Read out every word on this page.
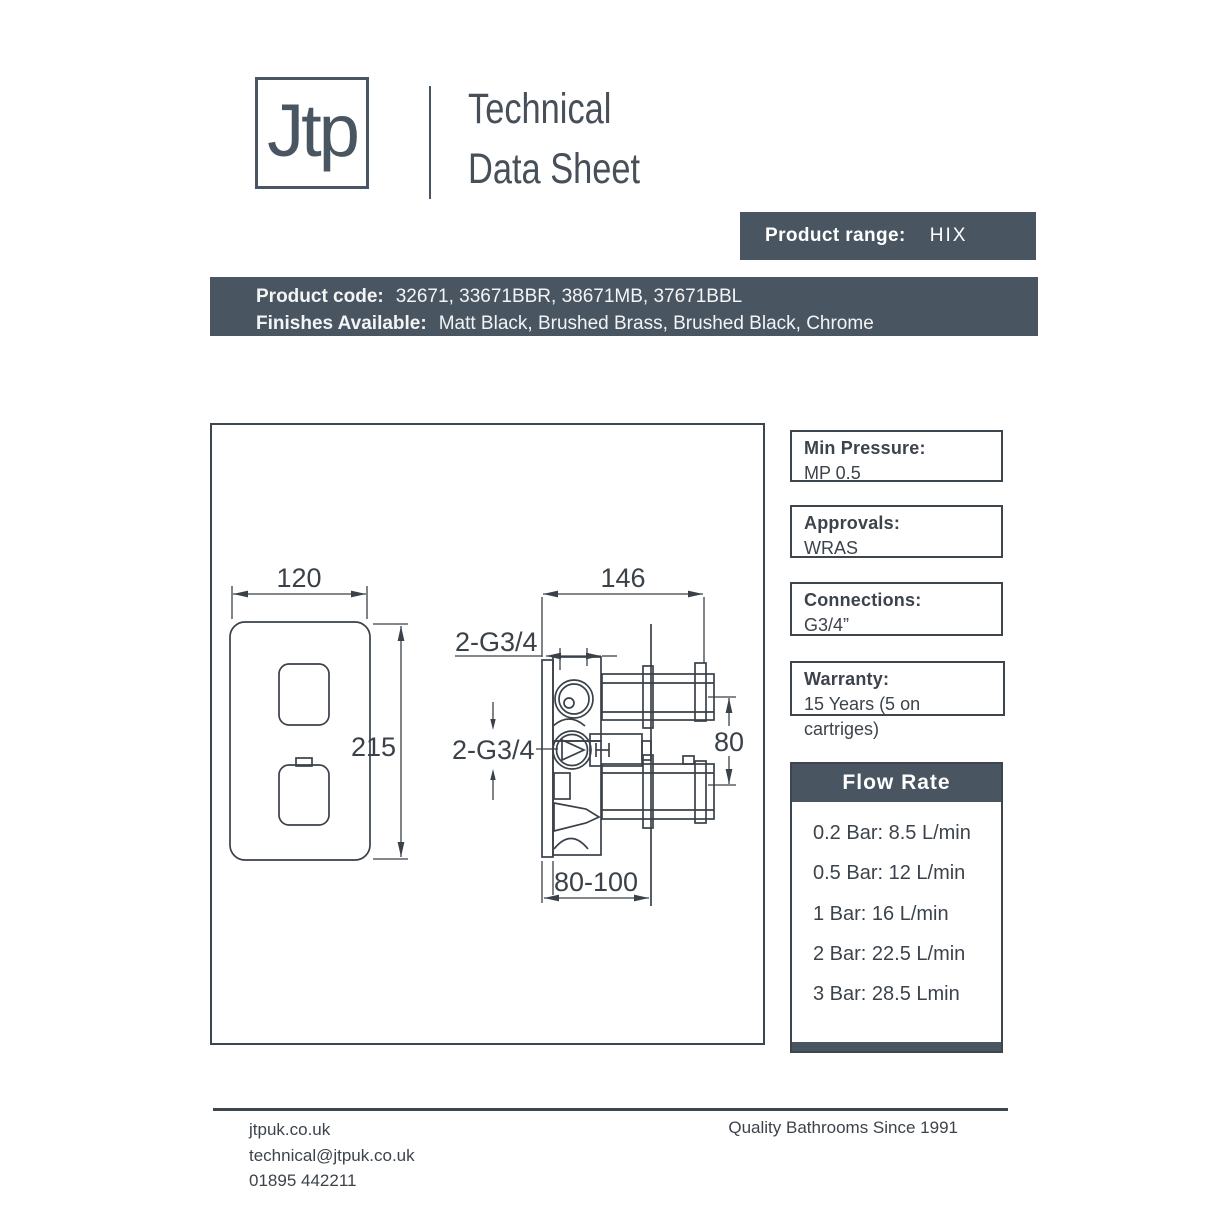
Jtp	Technical
Data Sheet
Product range: HIX
Product code: 32671, 33671BBR, 38671MB, 37671BBL
Finishes Available: Matt Black, Brushed Brass, Brushed Black, Chrome
120
215
146
2-G3/4
2-G3/4	80
80-100
Min Pressure:
MP 0.5
Approvals:
WRAS
Connections:
G3/4”
Warranty:
15 Years (5 on cartriges)
Flow Rate
0.2 Bar: 8.5 L/min
0.5 Bar: 12 L/min
1 Bar: 16 L/min
2 Bar: 22.5 L/min
3 Bar: 28.5 Lmin
jtpuk.co.uk
technical@jtpuk.co.uk
01895 442211
Quality Bathrooms Since 1991
